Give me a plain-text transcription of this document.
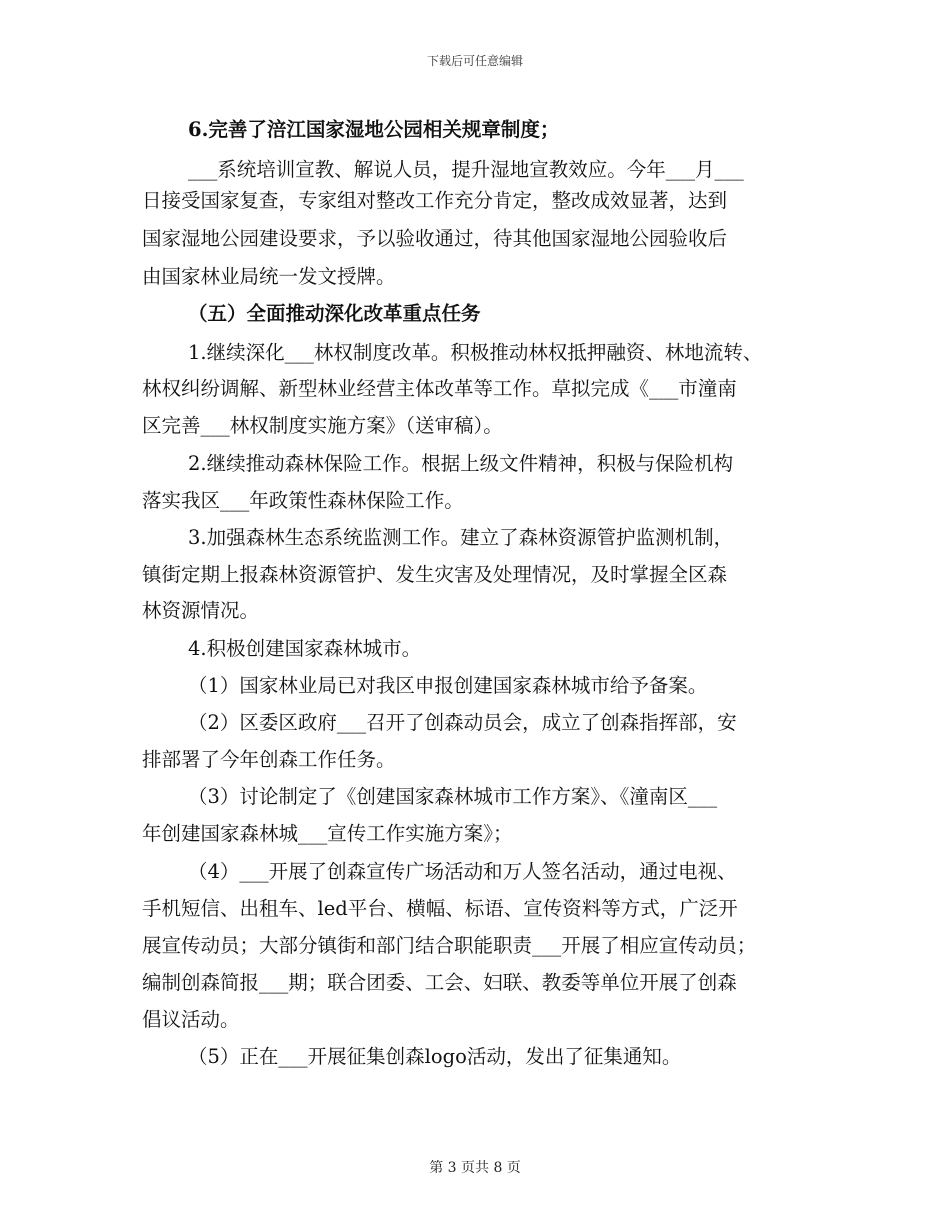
下载后可任意编辑
6.完善了涪江国家湿地公园相关规章制度；
___系统培训宣教、解说人员，提升湿地宣教效应。今年___月___
日接受国家复查，专家组对整改工作充分肯定，整改成效显著，达到
国家湿地公园建设要求，予以验收通过，待其他国家湿地公园验收后
由国家林业局统一发文授牌。
（五）全面推动深化改革重点任务
1.继续深化___林权制度改革。积极推动林权抵押融资、林地流转、
林权纠纷调解、新型林业经营主体改革等工作。草拟完成《___市潼南
区完善___林权制度实施方案》（送审稿）。
2.继续推动森林保险工作。根据上级文件精神，积极与保险机构
落实我区___年政策性森林保险工作。
3.加强森林生态系统监测工作。建立了森林资源管护监测机制，
镇街定期上报森林资源管护、发生灾害及处理情况，及时掌握全区森
林资源情况。
4.积极创建国家森林城市。
（1）国家林业局已对我区申报创建国家森林城市给予备案。
（2）区委区政府___召开了创森动员会，成立了创森指挥部，安
排部署了今年创森工作任务。
（3）讨论制定了《创建国家森林城市工作方案》、《潼南区___
年创建国家森林城___宣传工作实施方案》；
（4）___开展了创森宣传广场活动和万人签名活动，通过电视、
手机短信、出租车、led平台、横幅、标语、宣传资料等方式，广泛开
展宣传动员；大部分镇街和部门结合职能职责___开展了相应宣传动员；
编制创森简报___期；联合团委、工会、妇联、教委等单位开展了创森
倡议活动。
（5）正在___开展征集创森logo活动，发出了征集通知。
第 3 页共 8 页
